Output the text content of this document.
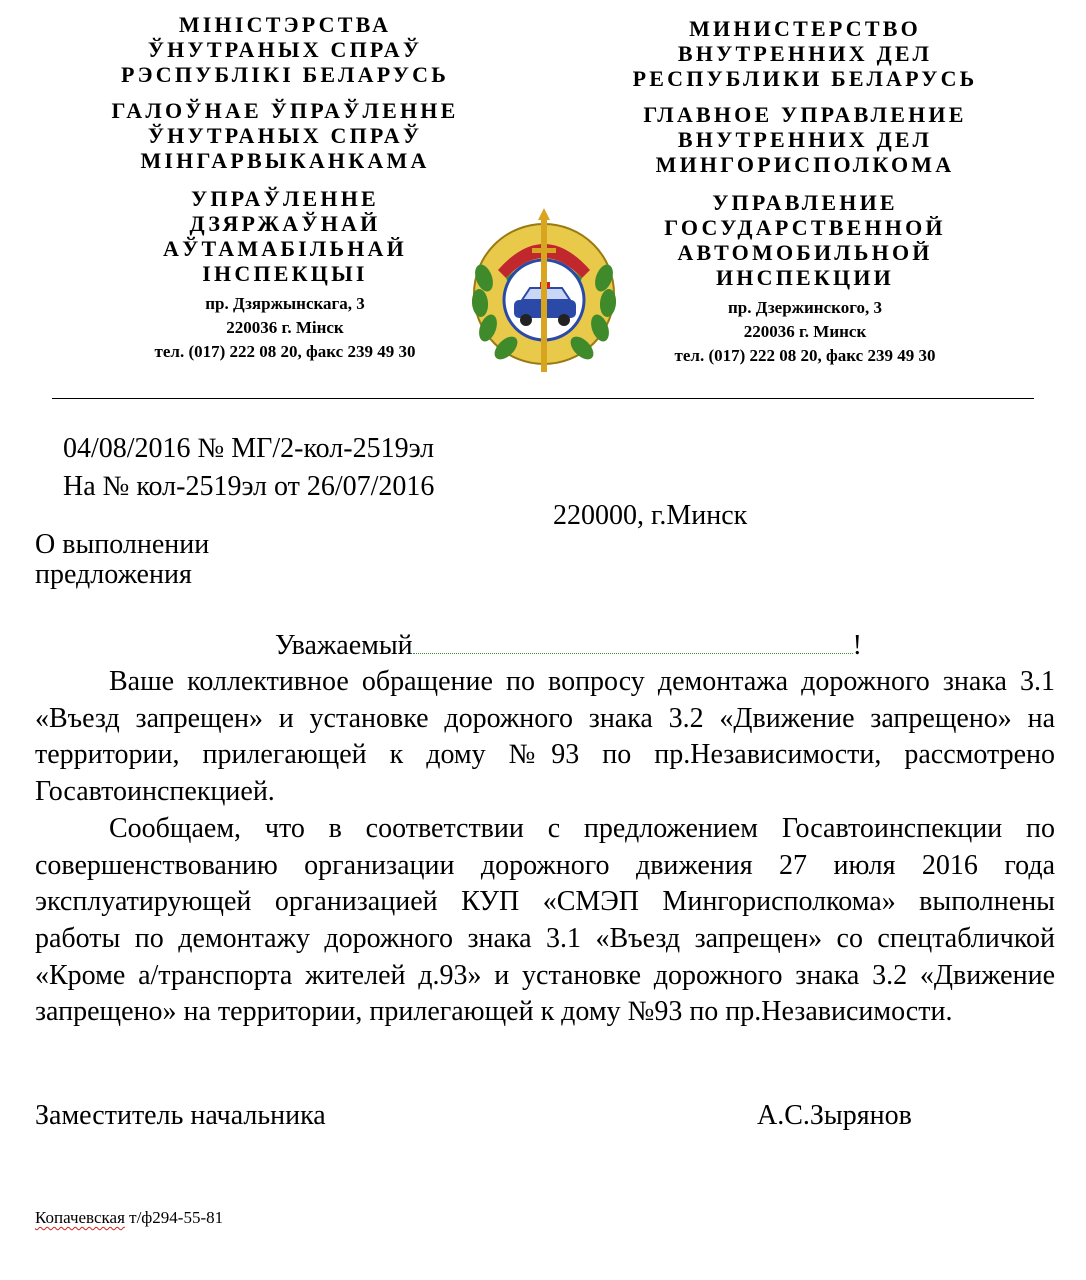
МІНІСТЭРСТВА
ЎНУТРАНЫХ СПРАЎ
РЭСПУБЛІКІ БЕЛАРУСЬ
ГАЛОЎНАЕ ЎПРАЎЛЕННЕ
ЎНУТРАНЫХ СПРАЎ
МІНГАРВЫКАНКАМА
УПРАЎЛЕННЕ
ДЗЯРЖАЎНАЙ
АЎТАМАБІЛЬНАЙ
ІНСПЕКЦЫІ
пр. Дзяржынскага, 3
220036 г. Мінск
тел. (017) 222 08 20, факс 239 49 30
МИНИСТЕРСТВО
ВНУТРЕННИХ ДЕЛ
РЕСПУБЛИКИ БЕЛАРУСЬ
ГЛАВНОЕ УПРАВЛЕНИЕ
ВНУТРЕННИХ ДЕЛ
МИНГОРИСПОЛКОМА
УПРАВЛЕНИЕ
ГОСУДАРСТВЕННОЙ
АВТОМОБИЛЬНОЙ
ИНСПЕКЦИИ
пр. Дзержинского, 3
220036 г. Минск
тел. (017) 222 08 20, факс 239 49 30
04/08/2016 № МГ/2-кол-2519эл
На № кол-2519эл от 26/07/2016
220000, г.Минск
О выполнении
предложения
Уважаемый	!

Ваше коллективное обращение по вопросу демонтажа дорожного знака 3.1 «Въезд запрещен» и установке дорожного знака 3.2 «Движение запрещено» на территории, прилегающей к дому №93 по пр.Независимости, рассмотрено Госавтоинспекцией.

Сообщаем, что в соответствии с предложением Госавтоинспекции по совершенствованию организации дорожного движения 27 июля 2016 года эксплуатирующей организацией КУП «СМЭП Мингорисполкома» выполнены работы по демонтажу дорожного знака 3.1 «Въезд запрещен» со спецтабличкой «Кроме а/транспорта жителей д.93» и установке дорожного знака 3.2 «Движение запрещено» на территории, прилегающей к дому №93 по пр.Независимости.

Заместитель начальника	А.С.Зырянов
Копачевская т/ф294-55-81
